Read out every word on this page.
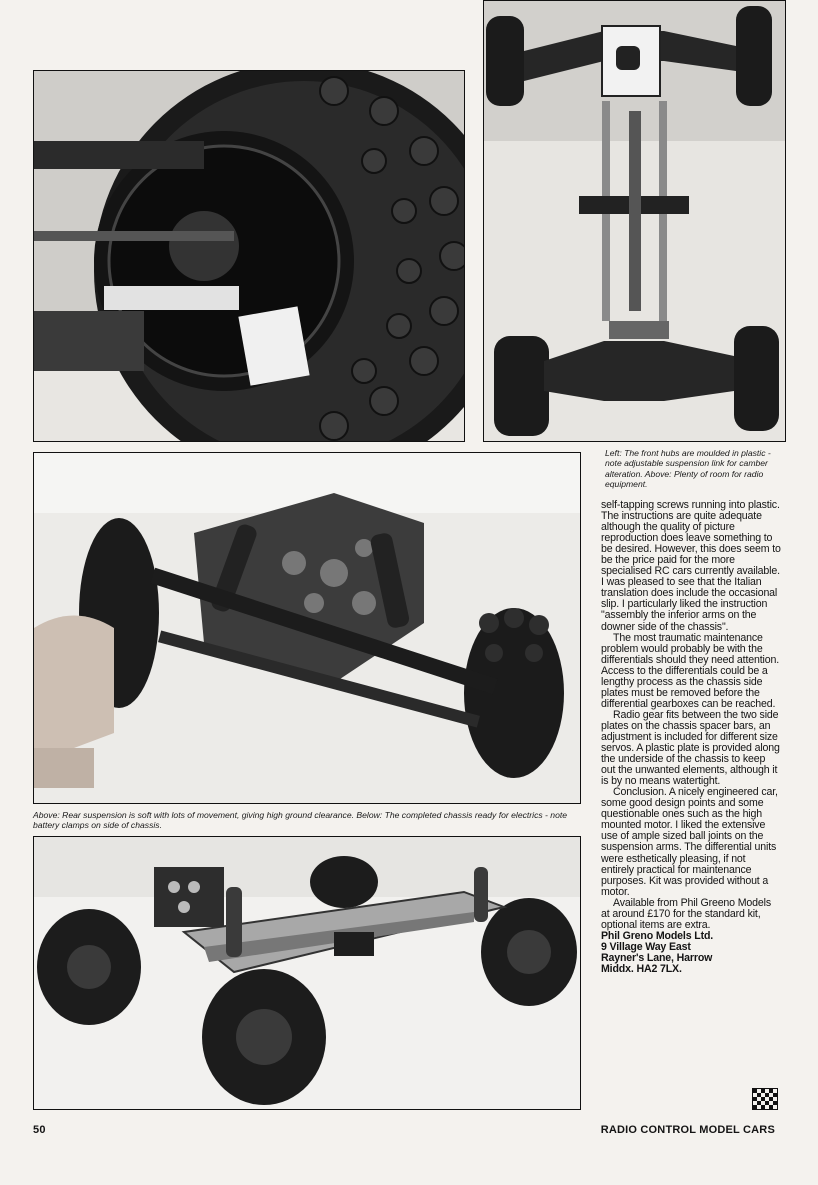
Left: The front hubs are moulded in plastic - note adjustable suspension link for camber alteration. Above: Plenty of room for radio equipment.
Above: Rear suspension is soft with lots of movement, giving high ground clearance. Below: The completed chassis ready for electrics - note battery clamps on side of chassis.

self-tapping screws running into plastic. The instructions are quite adequate although the quality of picture reproduction does leave something to be desired. However, this does seem to be the price paid for the more specialised RC cars currently available. I was pleased to see that the Italian translation does include the occasional slip. I particularly liked the instruction "assembly the inferior arms on the downer side of the chassis".

The most traumatic maintenance problem would probably be with the differentials should they need attention. Access to the differentials could be a lengthy process as the chassis side plates must be removed before the differential gearboxes can be reached.

Radio gear fits between the two side plates on the chassis spacer bars, an adjustment is included for different size servos. A plastic plate is provided along the underside of the chassis to keep out the unwanted elements, although it is by no means watertight.

Conclusion. A nicely engineered car, some good design points and some questionable ones such as the high mounted motor. I liked the extensive use of ample sized ball joints on the suspension arms. The differential units were esthetically pleasing, if not entirely practical for maintenance purposes. Kit was provided without a motor.

Available from Phil Greeno Models at around £170 for the standard kit, optional items are extra.

Phil Greno Models Ltd.

9 Village Way East

Rayner's Lane, Harrow

Middx. HA2 7LX.

50	RADIO CONTROL MODEL CARS
